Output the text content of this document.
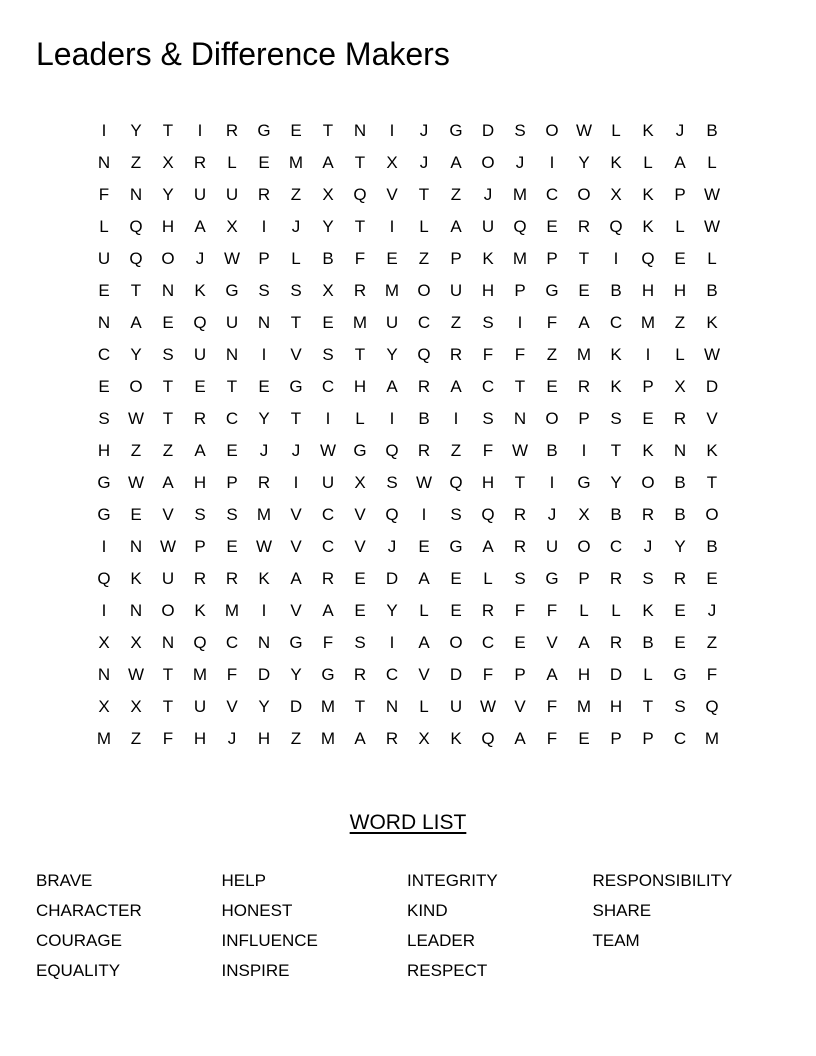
Leaders & Difference Makers
I	Y	T	I	R	G	E	T	N	I	J	G	D	S	O	W	L	K	J	B
N	Z	X	R	L	E	M	A	T	X	J	A	O	J	I	Y	K	L	A	L
F	N	Y	U	U	R	Z	X	Q	V	T	Z	J	M	C	O	X	K	P	W
L	Q	H	A	X	I	J	Y	T	I	L	A	U	Q	E	R	Q	K	L	W
U	Q	O	J	W	P	L	B	F	E	Z	P	K	M	P	T	I	Q	E	L
E	T	N	K	G	S	S	X	R	M	O	U	H	P	G	E	B	H	H	B
N	A	E	Q	U	N	T	E	M	U	C	Z	S	I	F	A	C	M	Z	K
C	Y	S	U	N	I	V	S	T	Y	Q	R	F	F	Z	M	K	I	L	W
E	O	T	E	T	E	G	C	H	A	R	A	C	T	E	R	K	P	X	D
S	W	T	R	C	Y	T	I	L	I	B	I	S	N	O	P	S	E	R	V
H	Z	Z	A	E	J	J	W	G	Q	R	Z	F	W	B	I	T	K	N	K
G	W	A	H	P	R	I	U	X	S	W	Q	H	T	I	G	Y	O	B	T
G	E	V	S	S	M	V	C	V	Q	I	S	Q	R	J	X	B	R	B	O
I	N	W	P	E	W	V	C	V	J	E	G	A	R	U	O	C	J	Y	B
Q	K	U	R	R	K	A	R	E	D	A	E	L	S	G	P	R	S	R	E
I	N	O	K	M	I	V	A	E	Y	L	E	R	F	F	L	L	K	E	J
X	X	N	Q	C	N	G	F	S	I	A	O	C	E	V	A	R	B	E	Z
N	W	T	M	F	D	Y	G	R	C	V	D	F	P	A	H	D	L	G	F
X	X	T	U	V	Y	D	M	T	N	L	U	W	V	F	M	H	T	S	Q
M	Z	F	H	J	H	Z	M	A	R	X	K	Q	A	F	E	P	P	C	M
WORD LIST
BRAVE
CHARACTER
COURAGE
EQUALITY
HELP
HONEST
INFLUENCE
INSPIRE
INTEGRITY
KIND
LEADER
RESPECT
RESPONSIBILITY
SHARE
TEAM
